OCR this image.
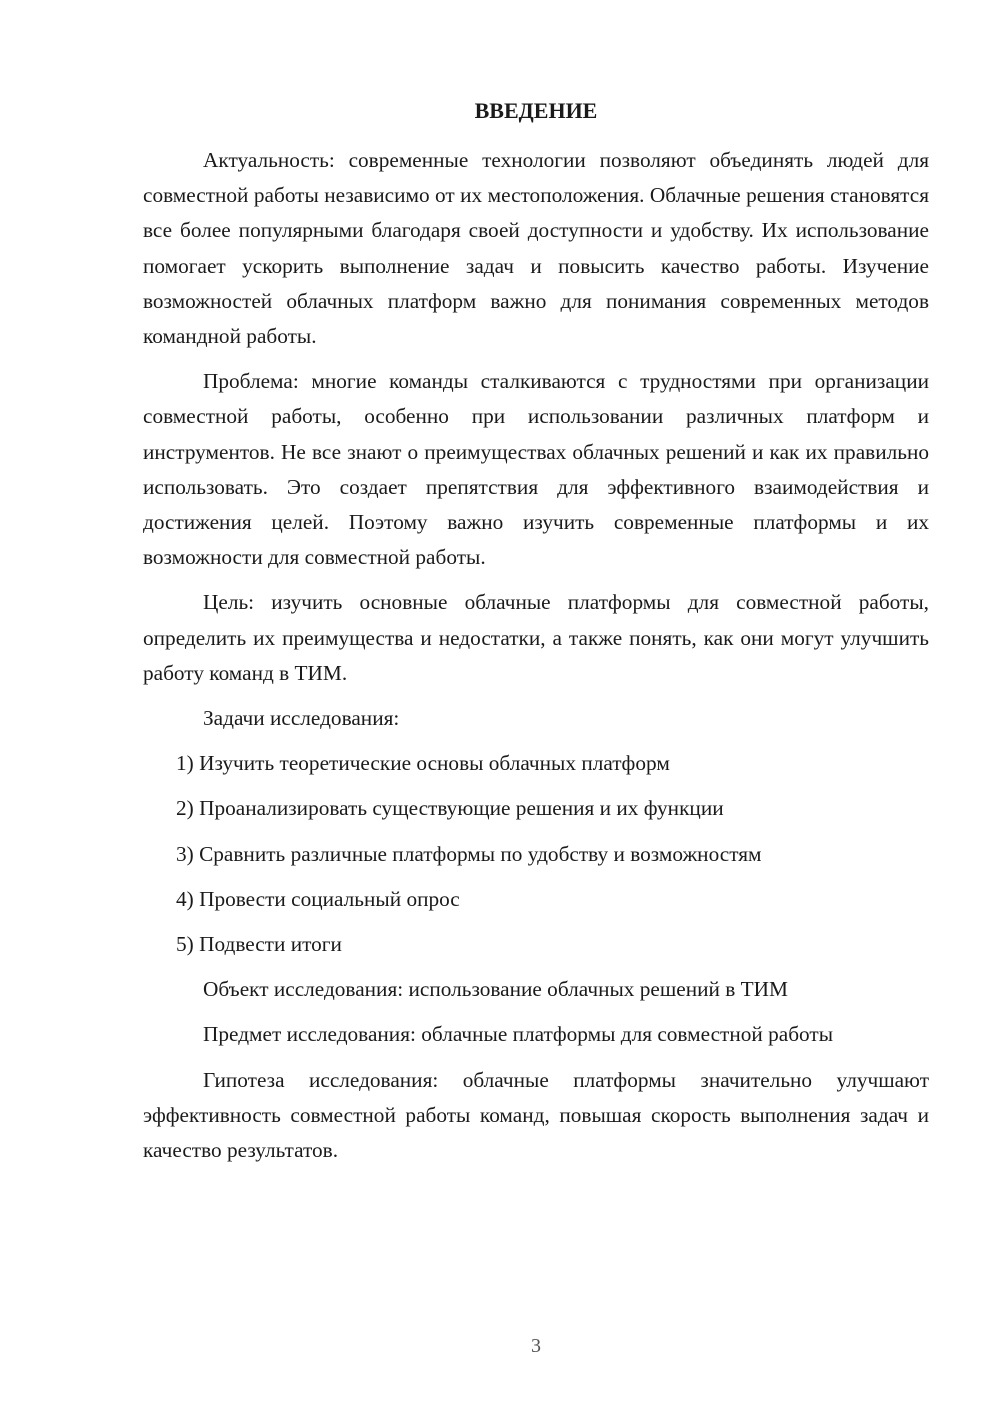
ВВЕДЕНИЕ

Актуальность: современные технологии позволяют объединять людей для совместной работы независимо от их местоположения. Облачные решения становятся все более популярными благодаря своей доступности и удобству. Их использование помогает ускорить выполнение задач и повысить качество работы. Изучение возможностей облачных платформ важно для понимания современных методов командной работы.

Проблема: многие команды сталкиваются с трудностями при организации совместной работы, особенно при использовании различных платформ и инструментов. Не все знают о преимуществах облачных решений и как их правильно использовать. Это создает препятствия для эффективного взаимодействия и достижения целей. Поэтому важно изучить современные платформы и их возможности для совместной работы.

Цель: изучить основные облачные платформы для совместной работы, определить их преимущества и недостатки, а также понять, как они могут улучшить работу команд в ТИМ.

Задачи исследования:

1) Изучить теоретические основы облачных платформ
2) Проанализировать существующие решения и их функции
3) Сравнить различные платформы по удобству и возможностям
4) Провести социальный опрос
5) Подвести итоги

Объект исследования: использование облачных решений в ТИМ

Предмет исследования: облачные платформы для совместной работы

Гипотеза исследования: облачные платформы значительно улучшают эффективность совместной работы команд, повышая скорость выполнения задач и качество результатов.

3
